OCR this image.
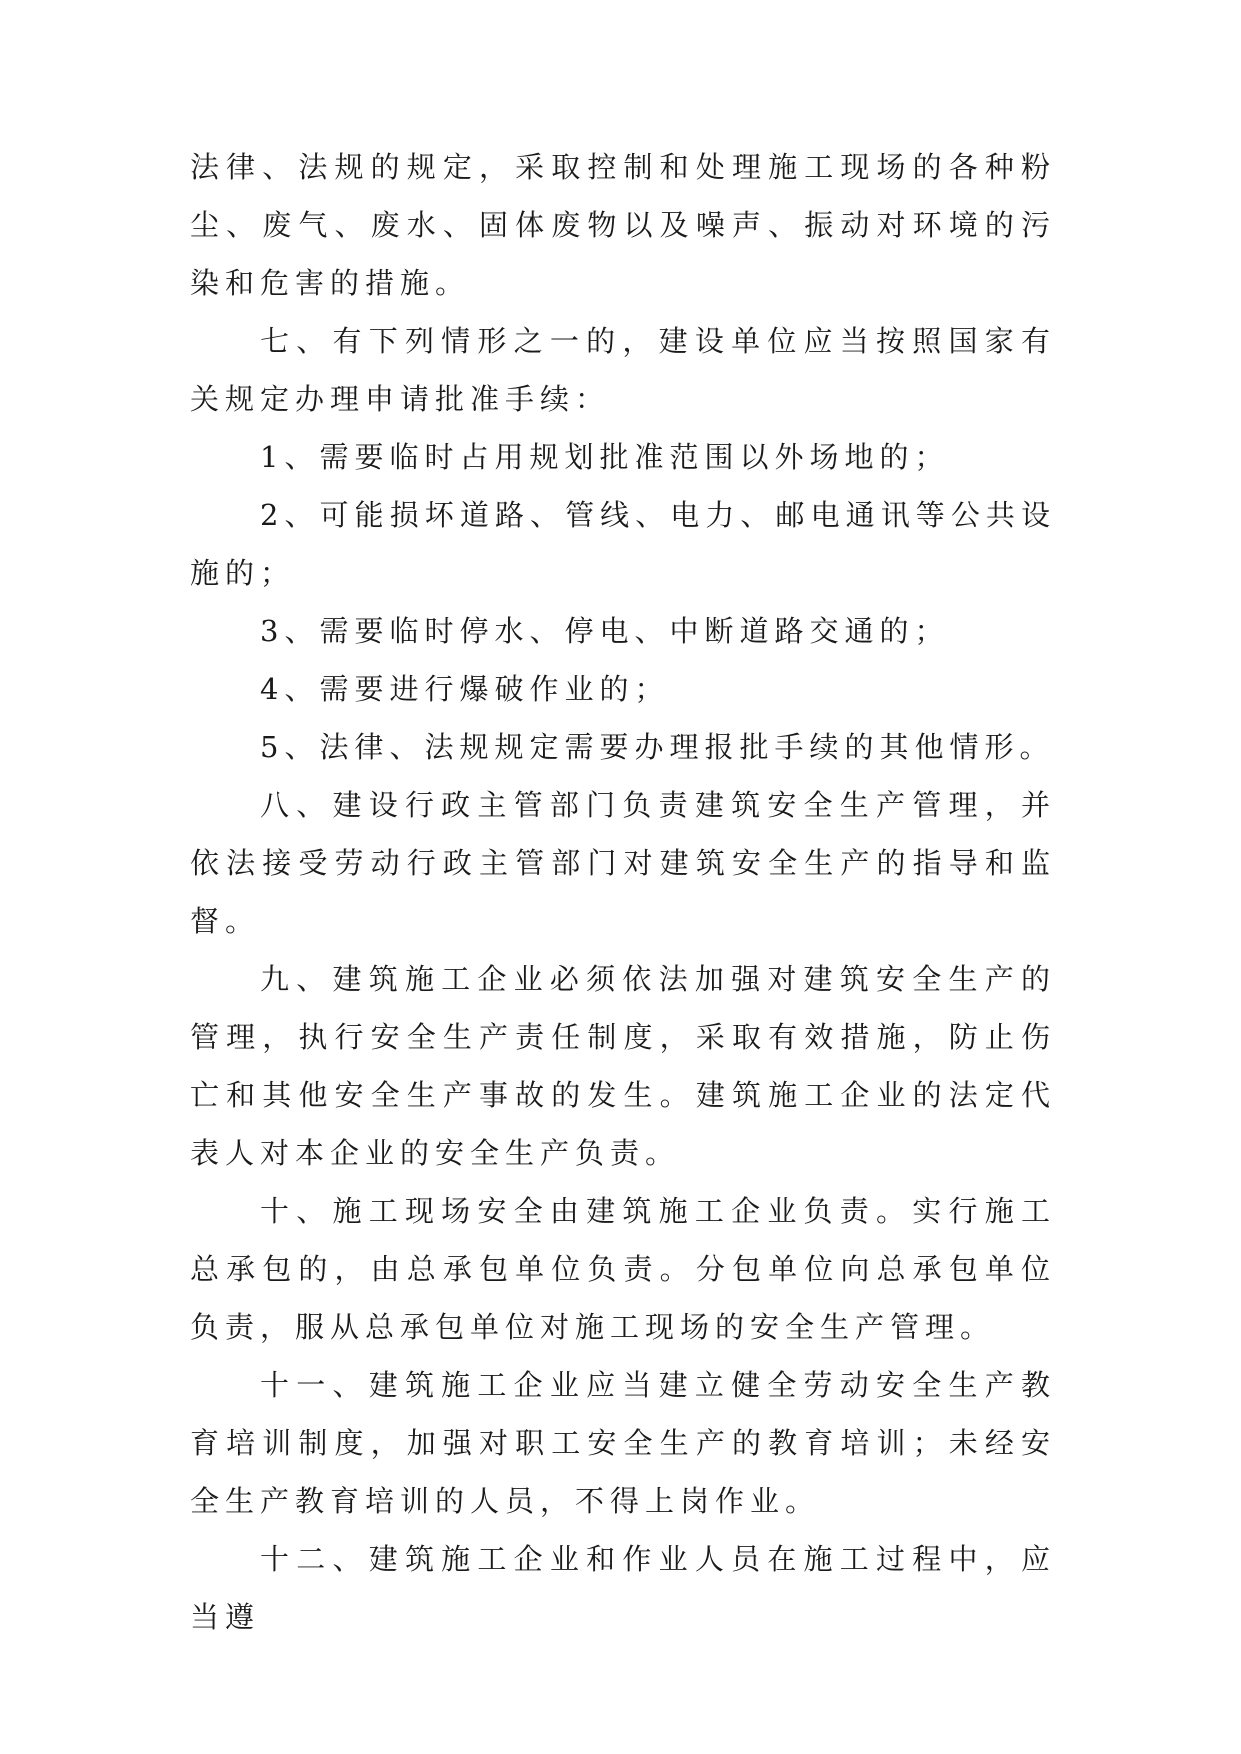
法律、法规的规定，采取控制和处理施工现场的各种粉尘、废气、废水、固体废物以及噪声、振动对环境的污染和危害的措施。

七、有下列情形之一的，建设单位应当按照国家有关规定办理申请批准手续：

1、需要临时占用规划批准范围以外场地的；

2、可能损坏道路、管线、电力、邮电通讯等公共设施的；

3、需要临时停水、停电、中断道路交通的；

4、需要进行爆破作业的；

5、法律、法规规定需要办理报批手续的其他情形。

八、建设行政主管部门负责建筑安全生产管理，并依法接受劳动行政主管部门对建筑安全生产的指导和监督。

九、建筑施工企业必须依法加强对建筑安全生产的管理，执行安全生产责任制度，采取有效措施，防止伤亡和其他安全生产事故的发生。建筑施工企业的法定代表人对本企业的安全生产负责。

十、施工现场安全由建筑施工企业负责。实行施工总承包的，由总承包单位负责。分包单位向总承包单位负责，服从总承包单位对施工现场的安全生产管理。

十一、建筑施工企业应当建立健全劳动安全生产教育培训制度，加强对职工安全生产的教育培训；未经安全生产教育培训的人员，不得上岗作业。

十二、建筑施工企业和作业人员在施工过程中，应当遵
